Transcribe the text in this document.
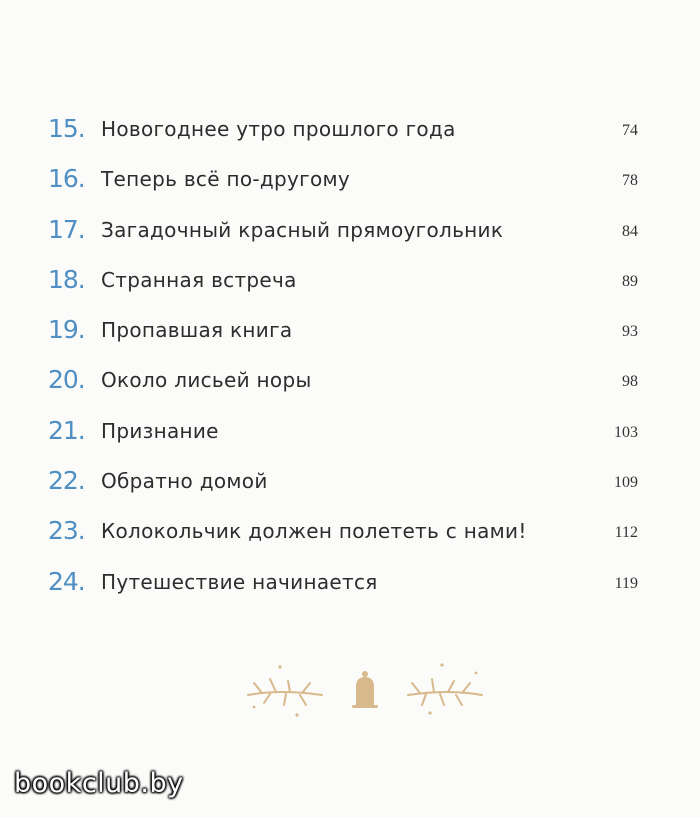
15. Новогоднее утро прошлого года	74
16. Теперь всё по-другому	78
17. Загадочный красный прямоугольник	84
18. Странная встреча	89
19. Пропавшая книга	93
20. Около лисьей норы	98
21. Признание	103
22. Обратно домой	109
23. Колокольчик должен полететь с нами!	112
24. Путешествие начинается	119
bookclub.by
